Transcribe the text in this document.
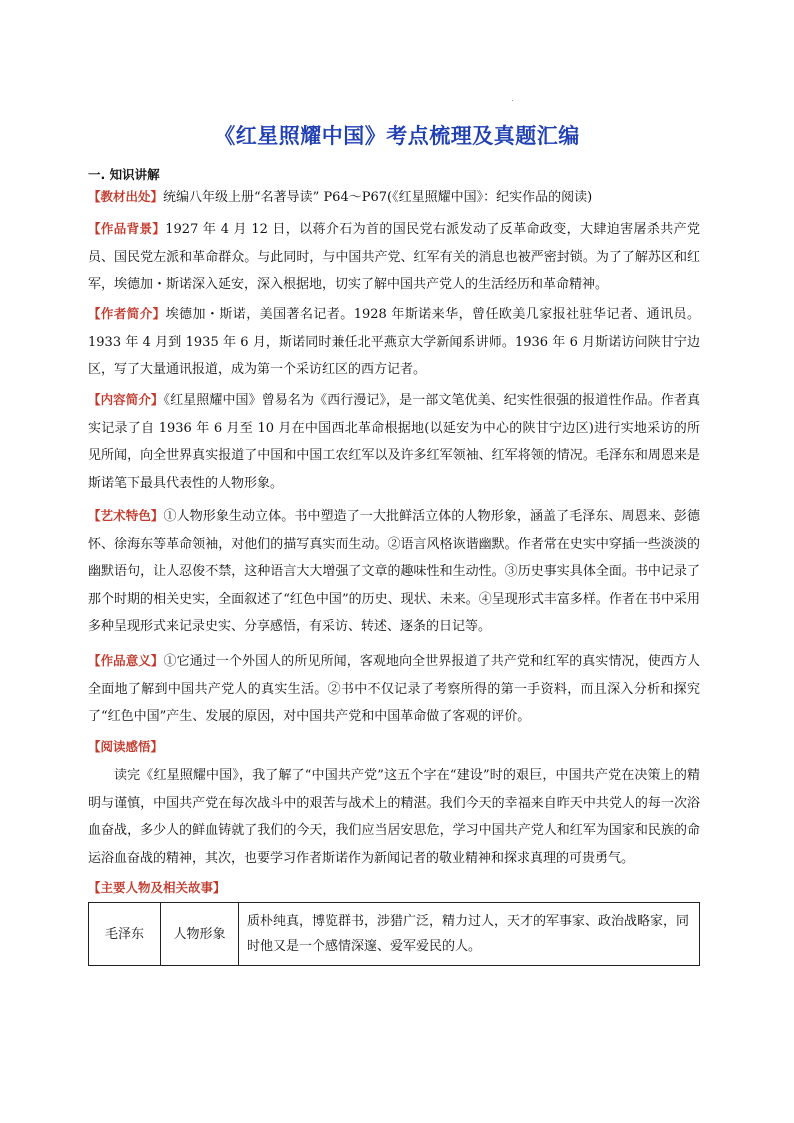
《红星照耀中国》考点梳理及真题汇编
一. 知识讲解
【教材出处】统编八年级上册“名著导读” P64～P67(《红星照耀中国》：纪实作品的阅读)
【作品背景】1927 年 4 月 12 日，以蒋介石为首的国民党右派发动了反革命政变，大肆迫害屠杀共产党员、国民党左派和革命群众。与此同时，与中国共产党、红军有关的消息也被严密封锁。为了了解苏区和红军，埃德加・斯诺深入延安，深入根据地，切实了解中国共产党人的生活经历和革命精神。
【作者简介】埃德加・斯诺，美国著名记者。1928 年斯诺来华，曾任欧美几家报社驻华记者、通讯员。1933 年 4 月到 1935 年 6 月，斯诺同时兼任北平燕京大学新闻系讲师。1936 年 6 月斯诺访问陕甘宁边区，写了大量通讯报道，成为第一个采访红区的西方记者。
【内容简介】《红星照耀中国》曾易名为《西行漫记》，是一部文笔优美、纪实性很强的报道性作品。作者真实记录了自 1936 年 6 月至 10 月在中国西北革命根据地(以延安为中心的陕甘宁边区)进行实地采访的所见所闻，向全世界真实报道了中国和中国工农红军以及许多红军领袖、红军将领的情况。毛泽东和周恩来是斯诺笔下最具代表性的人物形象。
【艺术特色】①人物形象生动立体。书中塑造了一大批鲜活立体的人物形象，涵盖了毛泽东、周恩来、彭德怀、徐海东等革命领袖，对他们的描写真实而生动。②语言风格诙谐幽默。作者常在史实中穿插一些淡淡的幽默语句，让人忍俊不禁，这种语言大大增强了文章的趣味性和生动性。③历史事实具体全面。书中记录了那个时期的相关史实，全面叙述了“红色中国”的历史、现状、未来。④呈现形式丰富多样。作者在书中采用多种呈现形式来记录史实、分享感悟，有采访、转述、逐条的日记等。
【作品意义】①它通过一个外国人的所见所闻，客观地向全世界报道了共产党和红军的真实情况，使西方人全面地了解到中国共产党人的真实生活。②书中不仅记录了考察所得的第一手资料，而且深入分析和探究了“红色中国”产生、发展的原因，对中国共产党和中国革命做了客观的评价。
【阅读感悟】
读完《红星照耀中国》，我了解了“中国共产党”这五个字在“建设”时的艰巨，中国共产党在决策上的精明与谨慎，中国共产党在每次战斗中的艰苦与战术上的精湛。我们今天的幸福来自昨天中共党人的每一次浴血奋战，多少人的鲜血铸就了我们的今天，我们应当居安思危，学习中国共产党人和红军为国家和民族的命运浴血奋战的精神，其次，也要学习作者斯诺作为新闻记者的敬业精神和探求真理的可贵勇气。
【主要人物及相关故事】
毛泽东	人物形象	质朴纯真，博览群书，涉猎广泛，精力过人，天才的军事家、政治战略家，同时他又是一个感情深邃、爱军爱民的人。
